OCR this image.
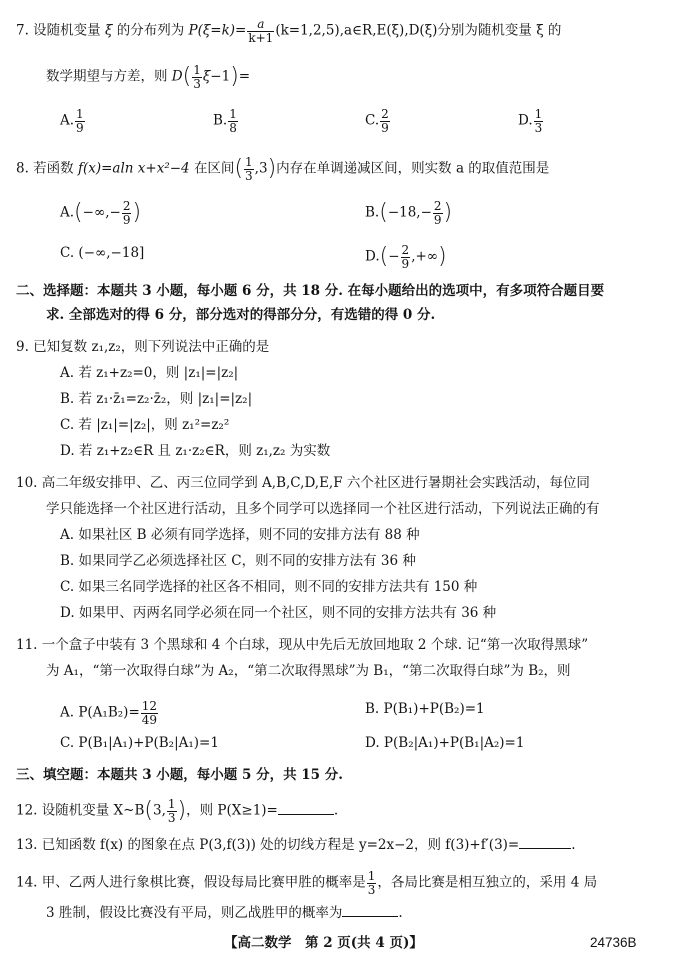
7. 设随机变量 ξ 的分布列为 $P(\xi=k)= \frac{a}{k+1}$ (k=1,2,5),a∈R,E(ξ),D(ξ)分别为随机变量 ξ 的
数学期望与方差，则 $D( \frac{1}{3} \xi-1)=$
A. $\frac{1}{9}$	B. $\frac{1}{8}$	C. $\frac{2}{9}$	D. $\frac{1}{3}$
8. 若函数 f(x)=aln x+x²−4 在区间( $\frac{1}{3} ,3$)内存在单调递减区间，则实数 a 的取值范围是
$A.(-\infty,- \frac{2}{9}$ )	$B.(-18,- \frac{2}{9}$ )
C. (−∞,−18]	$D.(- \frac{2}{9}$ ,+∞)
二、选择题：本题共 3 小题，每小题 6 分，共 18 分. 在每小题给出的选项中，有多项符合题目要
求. 全部选对的得 6 分，部分选对的得部分分，有选错的得 0 分.
9. 已知复数 z₁,z₂，则下列说法中正确的是
A. 若 z₁+z₂=0，则 |z₁|=|z₂|
B. 若 z₁·z̄₁=z₂·z̄₂，则 |z₁|=|z₂|
C. 若 |z₁|=|z₂|，则 z₁²=z₂²
D. 若 z₁+z₂∈R 且 z₁·z₂∈R，则 z₁,z₂ 为实数
10. 高二年级安排甲、乙、丙三位同学到 A,B,C,D,E,F 六个社区进行暑期社会实践活动，每位同
学只能选择一个社区进行活动，且多个同学可以选择同一个社区进行活动，下列说法正确的有
A. 如果社区 B 必须有同学选择，则不同的安排方法有 88 种
B. 如果同学乙必须选择社区 C，则不同的安排方法有 36 种
C. 如果三名同学选择的社区各不相同，则不同的安排方法共有 150 种
D. 如果甲、丙两名同学必须在同一个社区，则不同的安排方法共有 36 种
11. 一个盒子中装有 3 个黑球和 4 个白球，现从中先后无放回地取 2 个球. 记“第一次取得黑球”
为 A₁，“第一次取得白球”为 A₂，“第二次取得黑球”为 B₁，“第二次取得白球”为 B₂，则
A. $P(A_1B_2)= \frac{12}{49}$	B. P(B₁)+P(B₂)=1
C. P(B₁|A₁)+P(B₂|A₁)=1	D. P(B₂|A₁)+P(B₁|A₂)=1
三、填空题：本题共 3 小题，每小题 5 分，共 15 分.
12. 设随机变量 X~B(3, $\frac{1}{3}$ )，则 P(X≥1)=	.
13. 已知函数 f(x) 的图象在点 P(3,f(3)) 处的切线方程是 y=2x−2，则 f(3)+f′(3)=	.
14. 甲、乙两人进行象棋比赛，假设每局比赛甲胜的概率是 $\frac{1}{3}$ ，各局比赛是相互独立的，采用 4 局
3 胜制，假设比赛没有平局，则乙战胜甲的概率为	.
【高二数学　第 2 页(共 4 页)】	24736B
